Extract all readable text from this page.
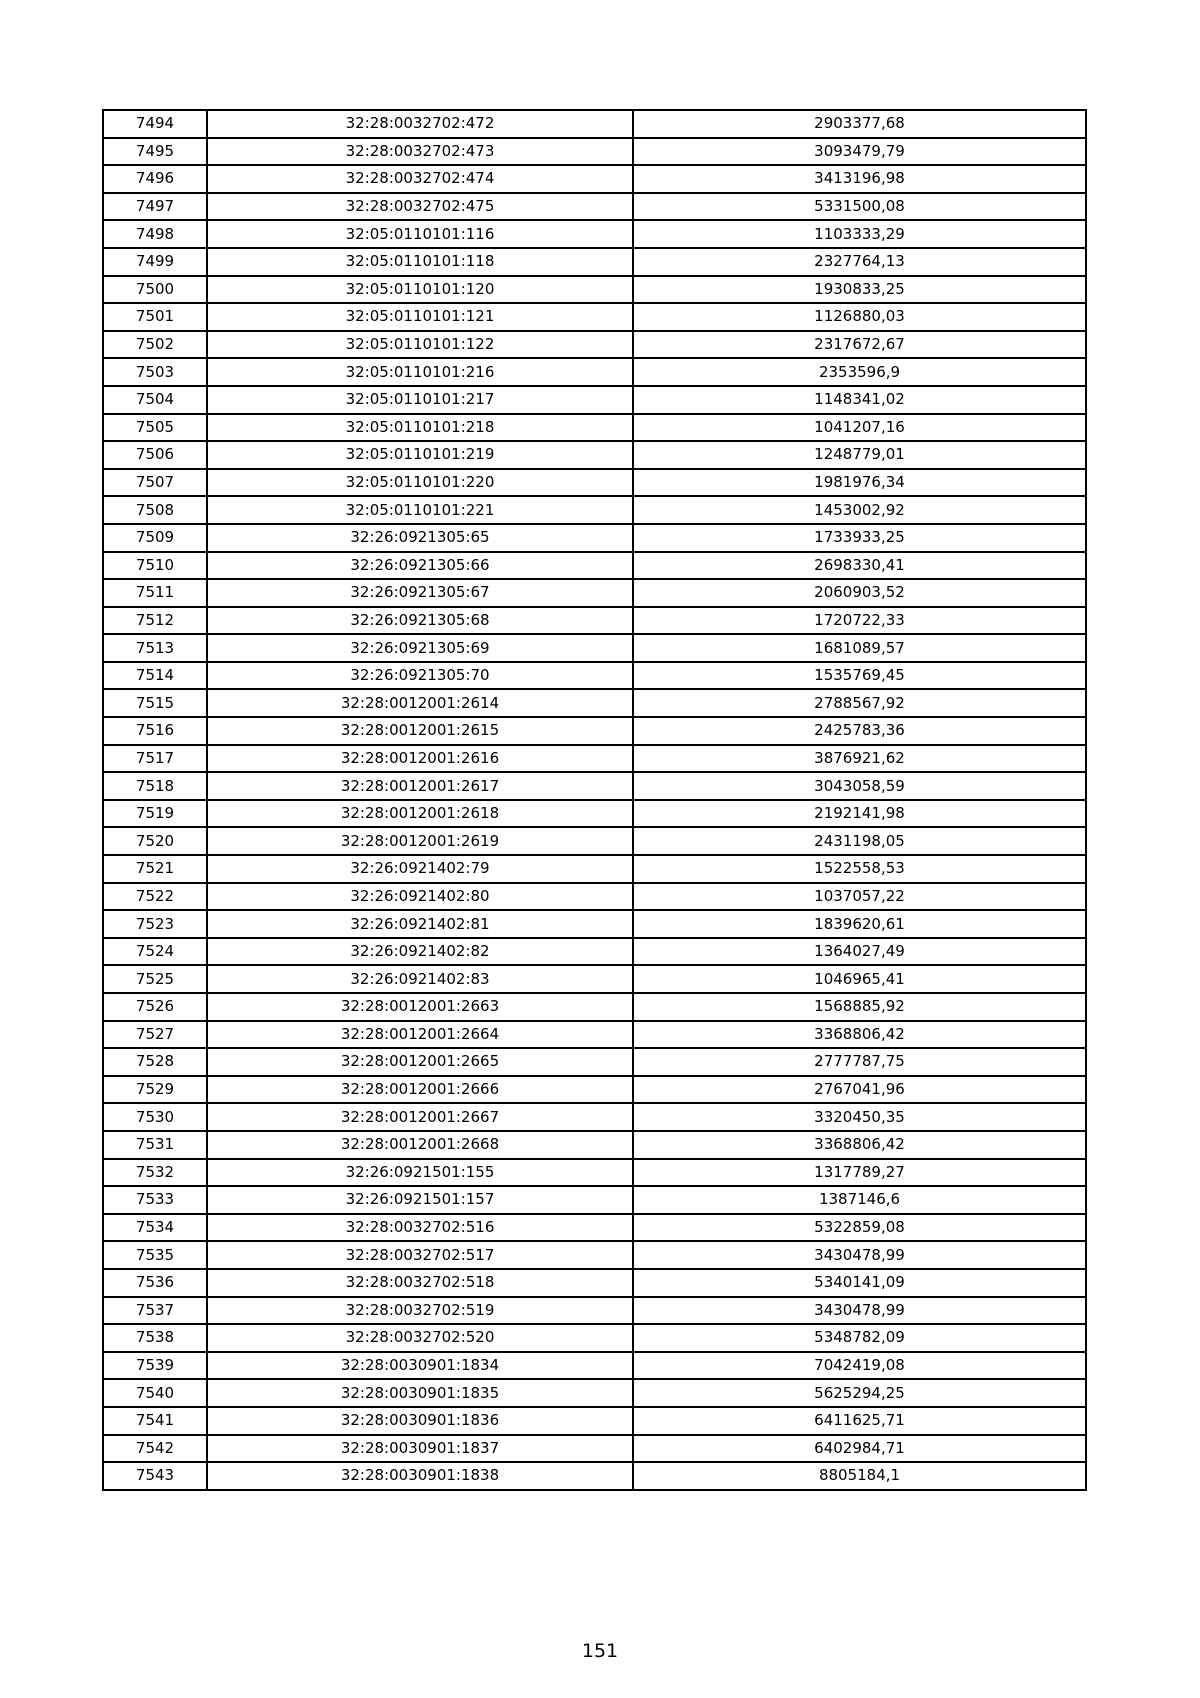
7494	32:28:0032702:472	2903377,68
7495	32:28:0032702:473	3093479,79
7496	32:28:0032702:474	3413196,98
7497	32:28:0032702:475	5331500,08
7498	32:05:0110101:116	1103333,29
7499	32:05:0110101:118	2327764,13
7500	32:05:0110101:120	1930833,25
7501	32:05:0110101:121	1126880,03
7502	32:05:0110101:122	2317672,67
7503	32:05:0110101:216	2353596,9
7504	32:05:0110101:217	1148341,02
7505	32:05:0110101:218	1041207,16
7506	32:05:0110101:219	1248779,01
7507	32:05:0110101:220	1981976,34
7508	32:05:0110101:221	1453002,92
7509	32:26:0921305:65	1733933,25
7510	32:26:0921305:66	2698330,41
7511	32:26:0921305:67	2060903,52
7512	32:26:0921305:68	1720722,33
7513	32:26:0921305:69	1681089,57
7514	32:26:0921305:70	1535769,45
7515	32:28:0012001:2614	2788567,92
7516	32:28:0012001:2615	2425783,36
7517	32:28:0012001:2616	3876921,62
7518	32:28:0012001:2617	3043058,59
7519	32:28:0012001:2618	2192141,98
7520	32:28:0012001:2619	2431198,05
7521	32:26:0921402:79	1522558,53
7522	32:26:0921402:80	1037057,22
7523	32:26:0921402:81	1839620,61
7524	32:26:0921402:82	1364027,49
7525	32:26:0921402:83	1046965,41
7526	32:28:0012001:2663	1568885,92
7527	32:28:0012001:2664	3368806,42
7528	32:28:0012001:2665	2777787,75
7529	32:28:0012001:2666	2767041,96
7530	32:28:0012001:2667	3320450,35
7531	32:28:0012001:2668	3368806,42
7532	32:26:0921501:155	1317789,27
7533	32:26:0921501:157	1387146,6
7534	32:28:0032702:516	5322859,08
7535	32:28:0032702:517	3430478,99
7536	32:28:0032702:518	5340141,09
7537	32:28:0032702:519	3430478,99
7538	32:28:0032702:520	5348782,09
7539	32:28:0030901:1834	7042419,08
7540	32:28:0030901:1835	5625294,25
7541	32:28:0030901:1836	6411625,71
7542	32:28:0030901:1837	6402984,71
7543	32:28:0030901:1838	8805184,1
151
